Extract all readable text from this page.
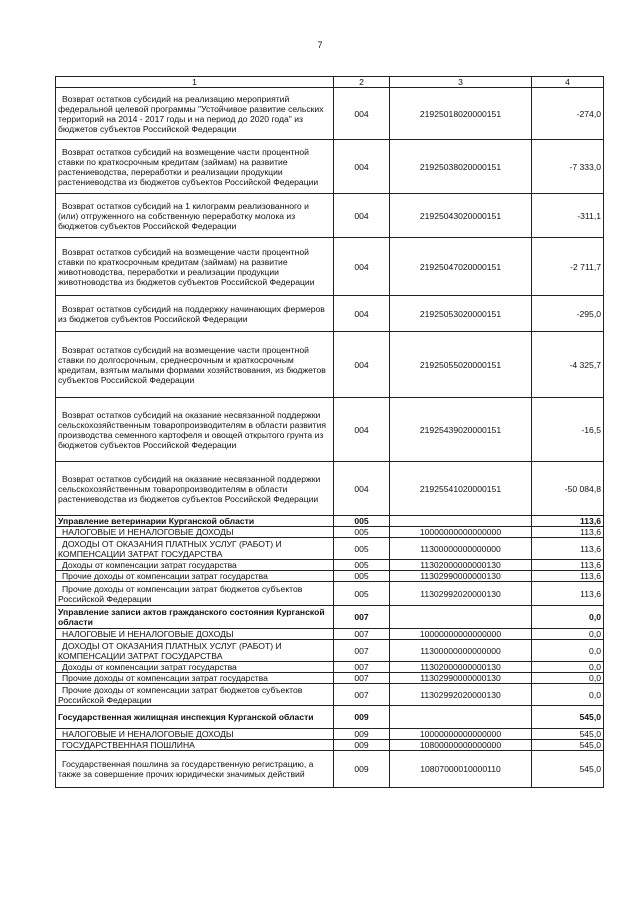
7
1	2	3	4
Возврат остатков субсидий на реализацию мероприятий федеральной целевой программы "Устойчивое развитие сельских территорий на 2014 - 2017 годы и на период до 2020 года" из бюджетов субъектов Российской Федерации	004	21925018020000151	-274,0
Возврат остатков субсидий на возмещение части процентной ставки по краткосрочным кредитам (займам) на развитие растениеводства, переработки и реализации продукции растениеводства из бюджетов субъектов Российской Федерации	004	21925038020000151	-7 333,0
Возврат остатков субсидий на 1 килограмм реализованного и (или) отгруженного на собственную переработку молока из бюджетов субъектов Российской Федерации	004	21925043020000151	-311,1
Возврат остатков субсидий на возмещение части процентной ставки по краткосрочным кредитам (займам) на развитие животноводства, переработки и реализации продукции животноводства из бюджетов субъектов Российской Федерации	004	21925047020000151	-2 711,7
Возврат остатков субсидий на поддержку начинающих фермеров из бюджетов субъектов Российской Федерации	004	21925053020000151	-295,0
Возврат остатков субсидий на возмещение части процентной ставки по долгосрочным, среднесрочным и краткосрочным кредитам, взятым малыми формами хозяйствования, из бюджетов субъектов Российской Федерации	004	21925055020000151	-4 325,7
Возврат остатков субсидий на оказание несвязанной поддержки сельскохозяйственным товаропроизводителям в области развития производства семенного картофеля и овощей открытого грунта из бюджетов субъектов Российской Федерации	004	21925439020000151	-16,5
Возврат остатков субсидий на оказание несвязанной поддержки сельскохозяйственным товаропроизводителям в области растениеводства из бюджетов субъектов Российской Федерации	004	21925541020000151	-50 084,8
Управление ветеринарии Курганской области	005		113,6
НАЛОГОВЫЕ И НЕНАЛОГОВЫЕ ДОХОДЫ	005	10000000000000000	113,6
ДОХОДЫ ОТ ОКАЗАНИЯ ПЛАТНЫХ УСЛУГ (РАБОТ) И КОМПЕНСАЦИИ ЗАТРАТ ГОСУДАРСТВА	005	11300000000000000	113,6
Доходы от компенсации затрат государства	005	11302000000000130	113,6
Прочие доходы от компенсации затрат государства	005	11302990000000130	113,6
Прочие доходы от компенсации затрат бюджетов субъектов Российской Федерации	005	11302992020000130	113,6
Управление записи актов гражданского состояния Курганской области	007		0,0
НАЛОГОВЫЕ И НЕНАЛОГОВЫЕ ДОХОДЫ	007	10000000000000000	0,0
ДОХОДЫ ОТ ОКАЗАНИЯ ПЛАТНЫХ УСЛУГ (РАБОТ) И КОМПЕНСАЦИИ ЗАТРАТ ГОСУДАРСТВА	007	11300000000000000	0,0
Доходы от компенсации затрат государства	007	11302000000000130	0,0
Прочие доходы от компенсации затрат государства	007	11302990000000130	0,0
Прочие доходы от компенсации затрат бюджетов субъектов Российской Федерации	007	11302992020000130	0,0
Государственная жилищная инспекция Курганской области	009		545,0
НАЛОГОВЫЕ И НЕНАЛОГОВЫЕ ДОХОДЫ	009	10000000000000000	545,0
ГОСУДАРСТВЕННАЯ ПОШЛИНА	009	10800000000000000	545,0
Государственная пошлина за государственную регистрацию, а также за совершение прочих юридически значимых действий	009	10807000010000110	545,0
